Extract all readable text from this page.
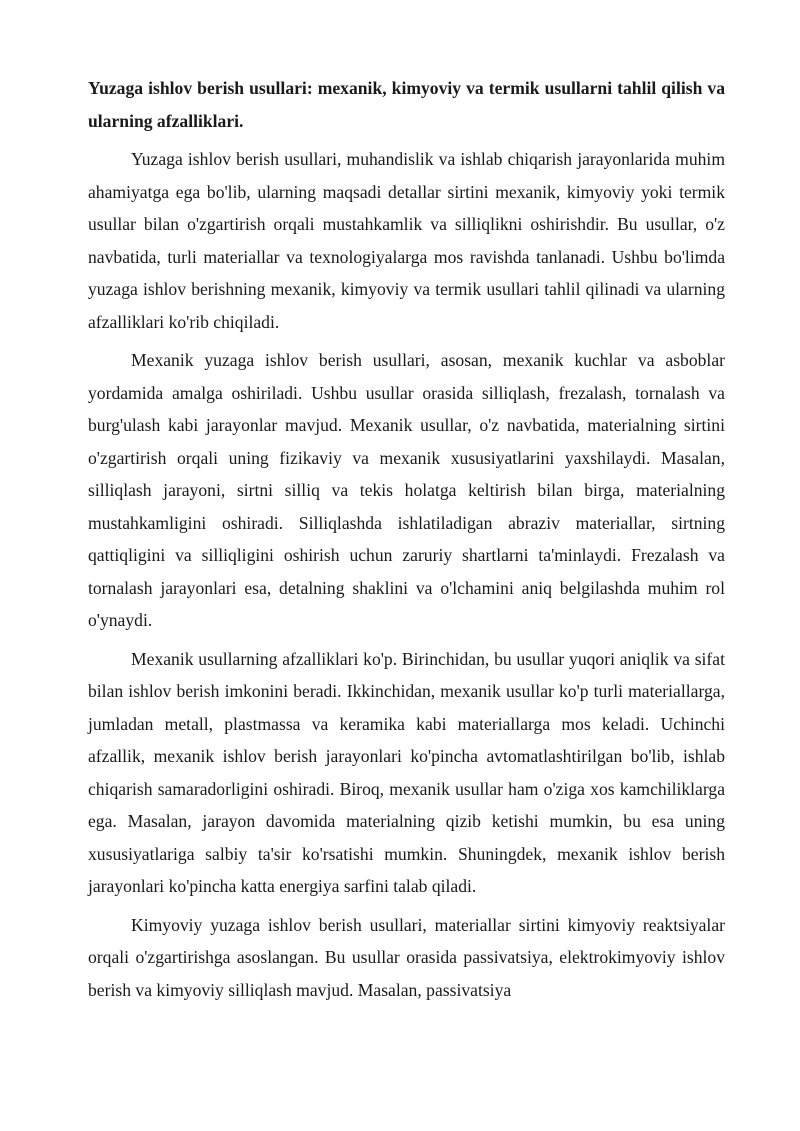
Yuzaga ishlov berish usullari: mexanik, kimyoviy va termik usullarni tahlil qilish va ularning afzalliklari.

Yuzaga ishlov berish usullari, muhandislik va ishlab chiqarish jarayonlarida muhim ahamiyatga ega bo'lib, ularning maqsadi detallar sirtini mexanik, kimyoviy yoki termik usullar bilan o'zgartirish orqali mustahkamlik va silliqlikni oshirishdir. Bu usullar, o'z navbatida, turli materiallar va texnologiyalarga mos ravishda tanlanadi. Ushbu bo'limda yuzaga ishlov berishning mexanik, kimyoviy va termik usullari tahlil qilinadi va ularning afzalliklari ko'rib chiqiladi.

Mexanik yuzaga ishlov berish usullari, asosan, mexanik kuchlar va asboblar yordamida amalga oshiriladi. Ushbu usullar orasida silliqlash, frezalash, tornalash va burg'ulash kabi jarayonlar mavjud. Mexanik usullar, o'z navbatida, materialning sirtini o'zgartirish orqali uning fizikaviy va mexanik xususiyatlarini yaxshilaydi. Masalan, silliqlash jarayoni, sirtni silliq va tekis holatga keltirish bilan birga, materialning mustahkamligini oshiradi. Silliqlashda ishlatiladigan abraziv materiallar, sirtning qattiqligini va silliqligini oshirish uchun zaruriy shartlarni ta'minlaydi. Frezalash va tornalash jarayonlari esa, detalning shaklini va o'lchamini aniq belgilashda muhim rol o'ynaydi.

Mexanik usullarning afzalliklari ko'p. Birinchidan, bu usullar yuqori aniqlik va sifat bilan ishlov berish imkonini beradi. Ikkinchidan, mexanik usullar ko'p turli materiallarga, jumladan metall, plastmassa va keramika kabi materiallarga mos keladi. Uchinchi afzallik, mexanik ishlov berish jarayonlari ko'pincha avtomatlashtirilgan bo'lib, ishlab chiqarish samaradorligini oshiradi. Biroq, mexanik usullar ham o'ziga xos kamchiliklarga ega. Masalan, jarayon davomida materialning qizib ketishi mumkin, bu esa uning xususiyatlariga salbiy ta'sir ko'rsatishi mumkin. Shuningdek, mexanik ishlov berish jarayonlari ko'pincha katta energiya sarfini talab qiladi.

Kimyoviy yuzaga ishlov berish usullari, materiallar sirtini kimyoviy reaktsiyalar orqali o'zgartirishga asoslangan. Bu usullar orasida passivatsiya, elektrokimyoviy ishlov berish va kimyoviy silliqlash mavjud. Masalan, passivatsiya
